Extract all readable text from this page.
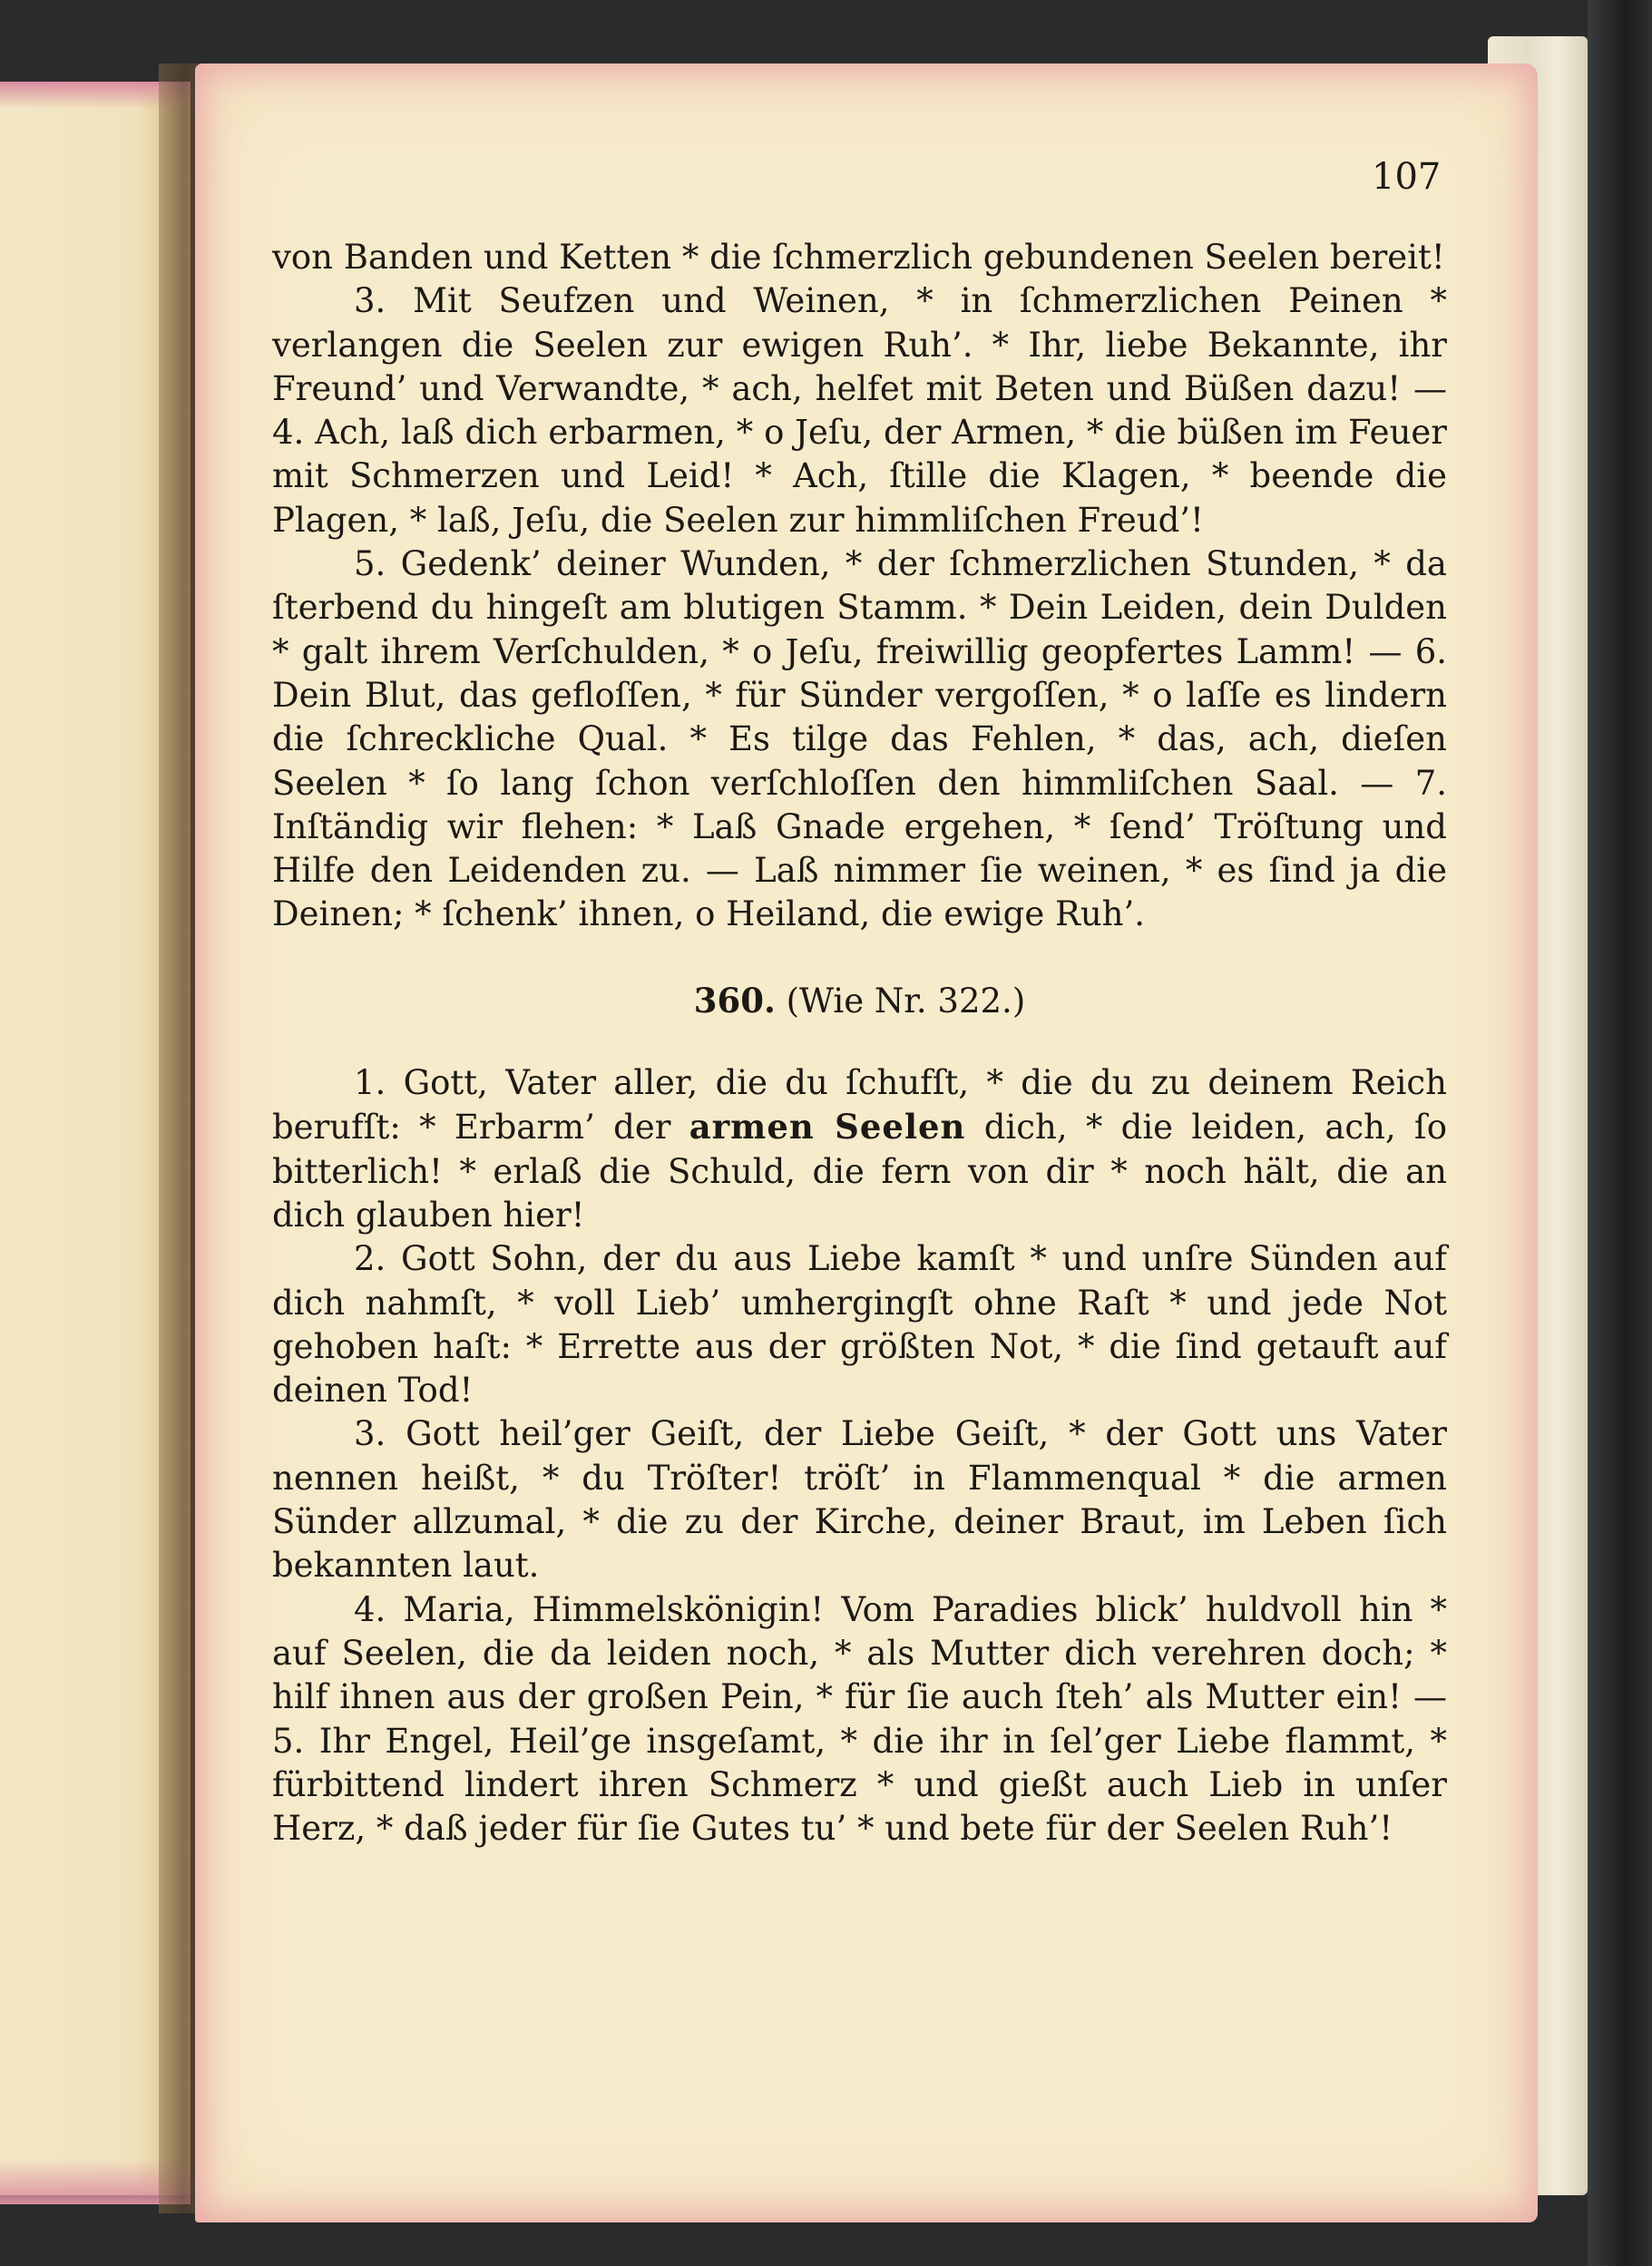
107

von Banden und Ketten * die ſchmerzlich gebundenen Seelen bereit!

3. Mit Seufzen und Weinen, * in ſchmerzlichen Peinen * verlangen die Seelen zur ewigen Ruh’. * Ihr, liebe Bekannte, ihr Freund’ und Verwandte, * ach, helfet mit Beten und Büßen dazu! — 4. Ach, laß dich erbarmen, * o Jeſu, der Armen, * die büßen im Feuer mit Schmerzen und Leid! * Ach, ſtille die Klagen, * beende die Plagen, * laß, Jeſu, die Seelen zur himmliſchen Freud’!

5. Gedenk’ deiner Wunden, * der ſchmerzlichen Stunden, * da ſterbend du hingeſt am blutigen Stamm. * Dein Leiden, dein Dulden * galt ihrem Verſchulden, * o Jeſu, freiwillig geopfertes Lamm! — 6. Dein Blut, das gefloſſen, * für Sünder vergoſſen, * o laſſe es lindern die ſchreckliche Qual. * Es tilge das Fehlen, * das, ach, dieſen Seelen * ſo lang ſchon verſchloſſen den himmliſchen Saal. — 7. Inſtändig wir flehen: * Laß Gnade ergehen, * ſend’ Tröſtung und Hilfe den Leidenden zu. — Laß nimmer ſie weinen, * es ſind ja die Deinen; * ſchenk’ ihnen, o Heiland, die ewige Ruh’.

360. (Wie Nr. 322.)

1. Gott, Vater aller, die du ſchufſt, * die du zu deinem Reich berufſt: * Erbarm’ der armen Seelen dich, * die leiden, ach, ſo bitterlich! * erlaß die Schuld, die fern von dir * noch hält, die an dich glauben hier!

2. Gott Sohn, der du aus Liebe kamſt * und unſre Sünden auf dich nahmſt, * voll Lieb’ umhergingſt ohne Raſt * und jede Not gehoben haſt: * Errette aus der größten Not, * die ſind getauft auf deinen Tod!

3. Gott heil’ger Geiſt, der Liebe Geiſt, * der Gott uns Vater nennen heißt, * du Tröſter! tröſt’ in Flammenqual * die armen Sünder allzumal, * die zu der Kirche, deiner Braut, im Leben ſich bekannten laut.

4. Maria, Himmelskönigin! Vom Paradies blick’ huldvoll hin * auf Seelen, die da leiden noch, * als Mutter dich verehren doch; * hilf ihnen aus der großen Pein, * für ſie auch ſteh’ als Mutter ein! — 5. Ihr Engel, Heil’ge insgeſamt, * die ihr in ſel’ger Liebe flammt, * fürbittend lindert ihren Schmerz * und gießt auch Lieb in unſer Herz, * daß jeder für ſie Gutes tu’ * und bete für der Seelen Ruh’!
